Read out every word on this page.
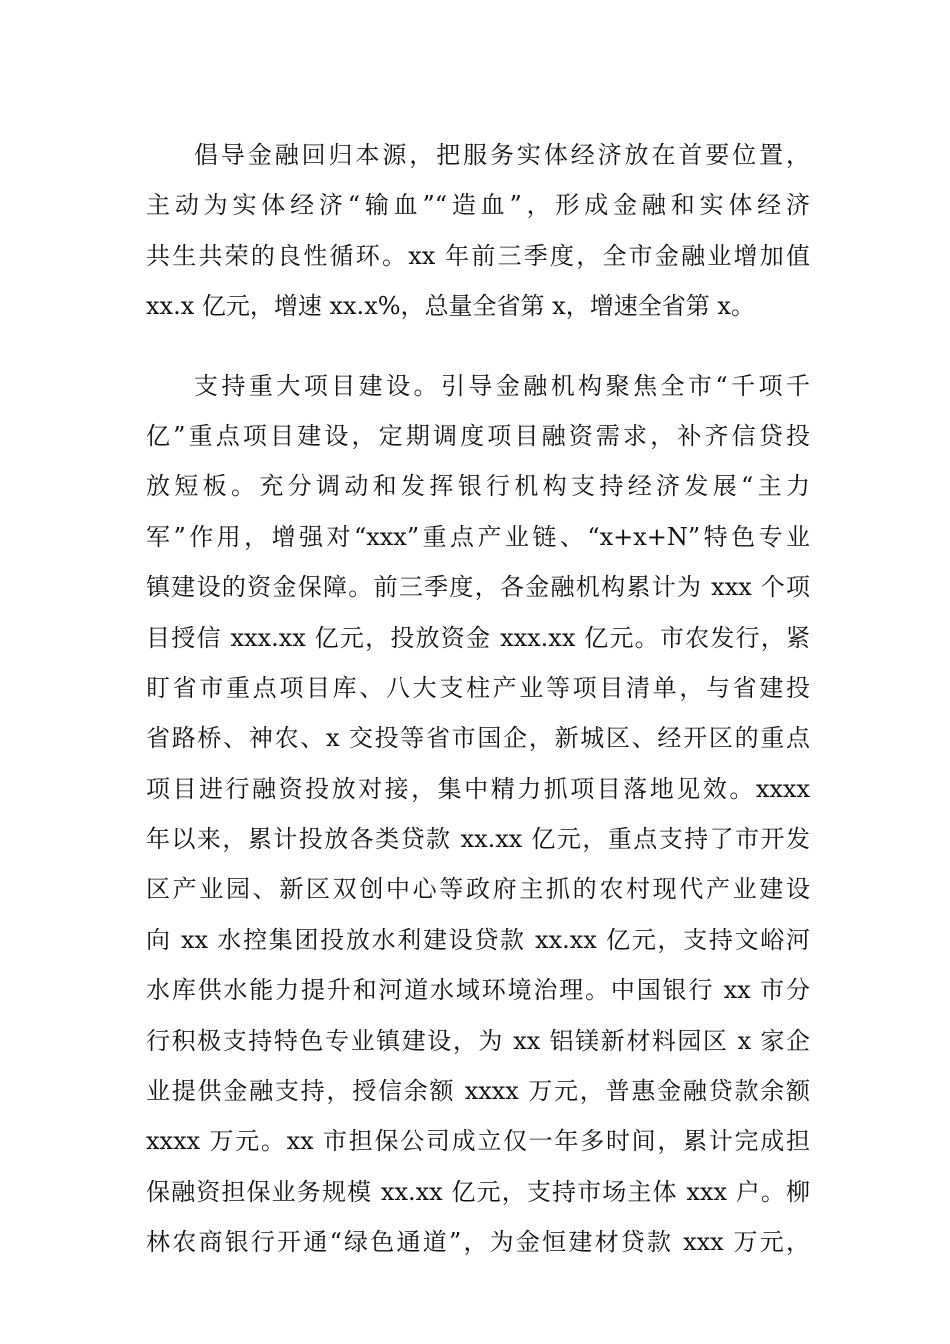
倡导金融回归本源，把服务实体经济放在首要位置，
主动为实体经济“输血”“造血”，形成金融和实体经济
共生共荣的良性循环。xx 年前三季度，全市金融业增加值
xx.x 亿元，增速 xx.x%，总量全省第 x，增速全省第 x。
支持重大项目建设。引导金融机构聚焦全市“千项千
亿”重点项目建设，定期调度项目融资需求，补齐信贷投
放短板。充分调动和发挥银行机构支持经济发展“主力
军”作用，增强对“xxx”重点产业链、“x+x+N”特色专业
镇建设的资金保障。前三季度，各金融机构累计为 xxx 个项
目授信 xxx.xx 亿元，投放资金 xxx.xx 亿元。市农发行，紧
盯省市重点项目库、八大支柱产业等项目清单，与省建投
省路桥、神农、x 交投等省市国企，新城区、经开区的重点
项目进行融资投放对接，集中精力抓项目落地见效。xxxx
年以来，累计投放各类贷款 xx.xx 亿元，重点支持了市开发
区产业园、新区双创中心等政府主抓的农村现代产业建设
向 xx 水控集团投放水利建设贷款 xx.xx 亿元，支持文峪河
水库供水能力提升和河道水域环境治理。中国银行 xx 市分
行积极支持特色专业镇建设，为 xx 铝镁新材料园区 x 家企
业提供金融支持，授信余额 xxxx 万元，普惠金融贷款余额
xxxx 万元。xx 市担保公司成立仅一年多时间，累计完成担
保融资担保业务规模 xx.xx 亿元，支持市场主体 xxx 户。柳
林农商银行开通“绿色通道”，为金恒建材贷款 xxx 万元，
